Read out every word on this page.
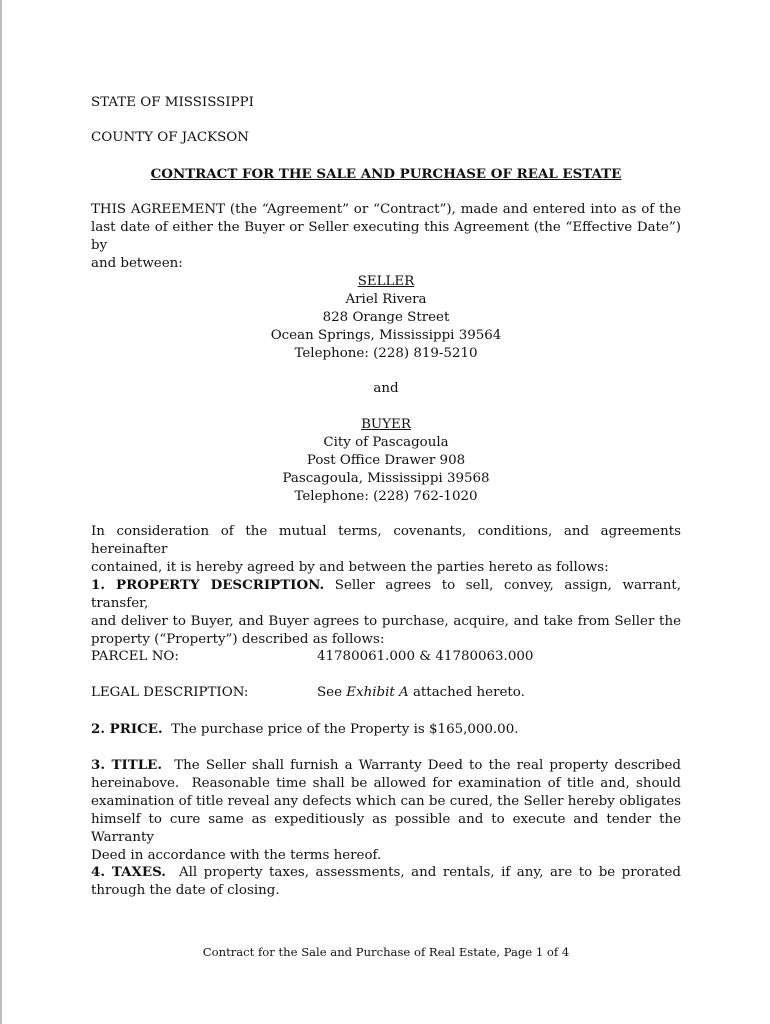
STATE OF MISSISSIPPI
COUNTY OF JACKSON
CONTRACT FOR THE SALE AND PURCHASE OF REAL ESTATE
THIS AGREEMENT (the “Agreement” or “Contract”), made and entered into as of the
last date of either the Buyer or Seller executing this Agreement (the “Effective Date”) by
and between:
SELLER
Ariel Rivera
828 Orange Street
Ocean Springs, Mississippi 39564
Telephone: (228) 819-5210
and
BUYER
City of Pascagoula
Post Office Drawer 908
Pascagoula, Mississippi 39568
Telephone: (228) 762-1020
In consideration of the mutual terms, covenants, conditions, and agreements hereinafter
contained, it is hereby agreed by and between the parties hereto as follows:
1. PROPERTY DESCRIPTION. Seller agrees to sell, convey, assign, warrant, transfer,
and deliver to Buyer, and Buyer agrees to purchase, acquire, and take from Seller the
property (“Property”) described as follows:
PARCEL NO:	41780061.000 & 41780063.000
LEGAL DESCRIPTION:	See Exhibit A attached hereto.
2. PRICE.  The purchase price of the Property is $165,000.00.
3. TITLE.  The Seller shall furnish a Warranty Deed to the real property described
hereinabove.  Reasonable time shall be allowed for examination of title and, should
examination of title reveal any defects which can be cured, the Seller hereby obligates
himself to cure same as expeditiously as possible and to execute and tender the Warranty
Deed in accordance with the terms hereof.
4. TAXES.  All property taxes, assessments, and rentals, if any, are to be prorated
through the date of closing.
Contract for the Sale and Purchase of Real Estate, Page 1 of 4
